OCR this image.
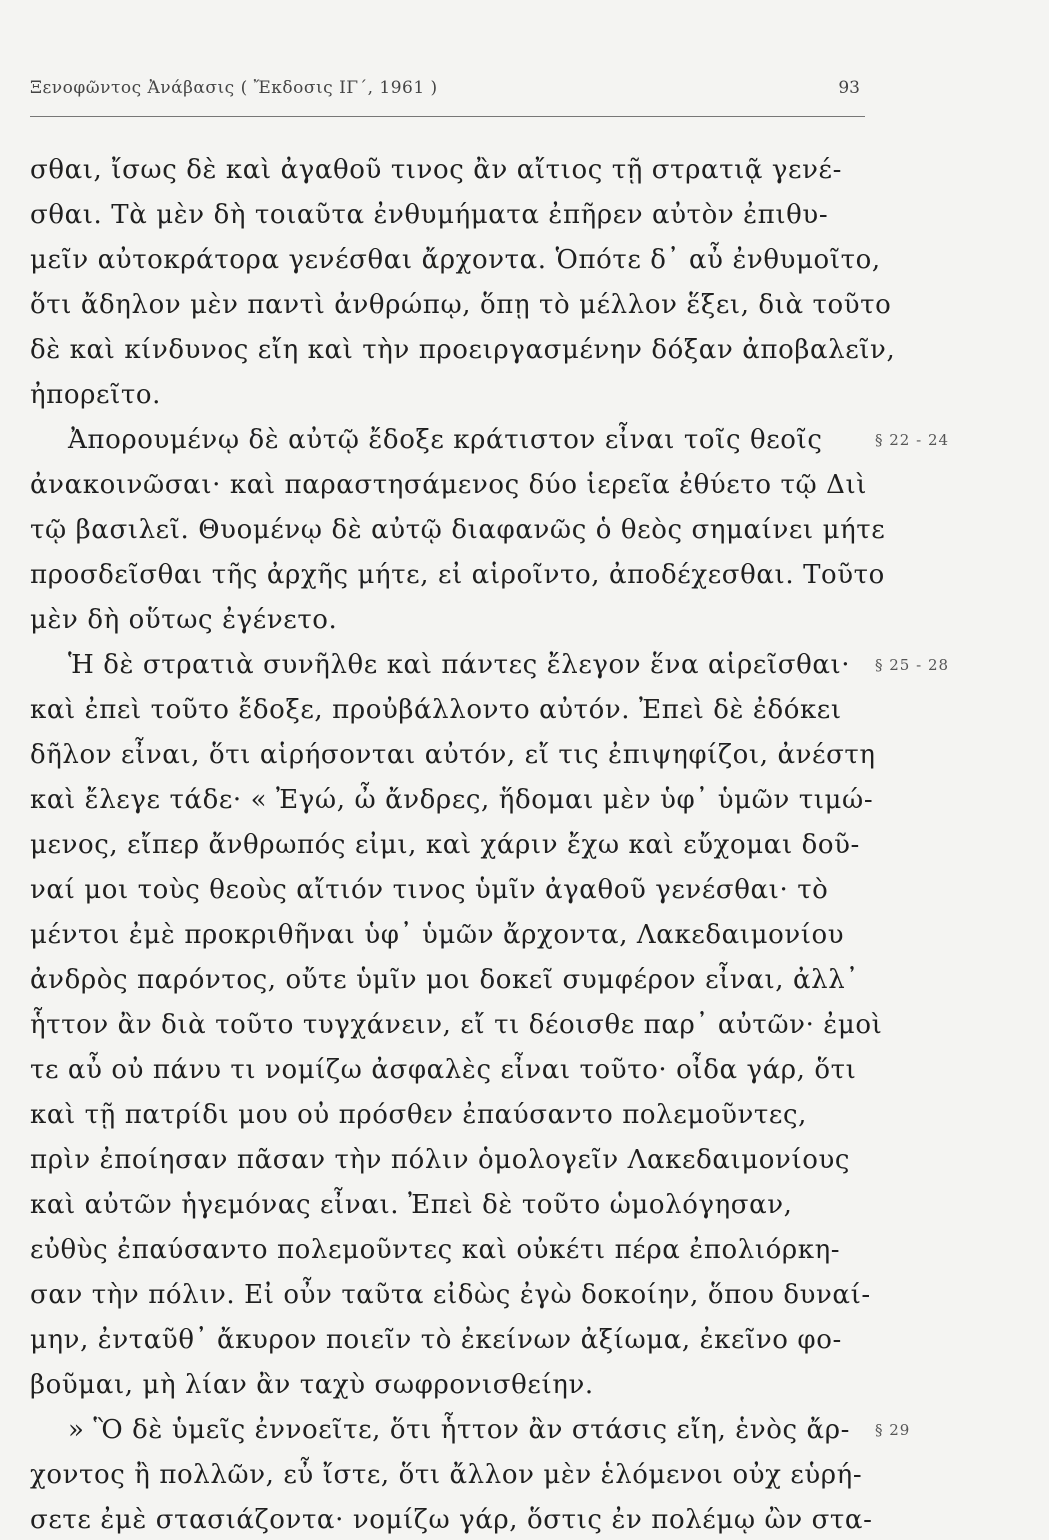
Ξενοφῶντος Ἀνάβασις ( Ἔκδοσις ΙΓ΄, 1961 )	93
σθαι, ἴσως δὲ καὶ ἀγαθοῦ τινος ἂν αἴτιος τῇ στρατιᾷ γενέ-
σθαι. Τὰ μὲν δὴ τοιαῦτα ἐνθυμήματα ἐπῆρεν αὐτὸν ἐπιθυ-
μεῖν αὐτοκράτορα γενέσθαι ἄρχοντα. Ὁπότε δ᾽ αὖ ἐνθυμοῖτο,
ὅτι ἄδηλον μὲν παντὶ ἀνθρώπῳ, ὅπῃ τὸ μέλλον ἕξει, διὰ τοῦτο
δὲ καὶ κίνδυνος εἴη καὶ τὴν προειργασμένην δόξαν ἀποβαλεῖν,
ἠπορεῖτο.
Ἀπορουμένῳ δὲ αὐτῷ ἔδοξε κράτιστον εἶναι τοῖς θεοῖς
ἀνακοινῶσαι· καὶ παραστησάμενος δύο ἱερεῖα ἐθύετο τῷ Διὶ
τῷ βασιλεῖ. Θυομένῳ δὲ αὐτῷ διαφανῶς ὁ θεὸς σημαίνει μήτε
προσδεῖσθαι τῆς ἀρχῆς μήτε, εἰ αἱροῖντο, ἀποδέχεσθαι. Τοῦτο
μὲν δὴ οὕτως ἐγένετο.
Ἡ δὲ στρατιὰ συνῆλθε καὶ πάντες ἔλεγον ἕνα αἱρεῖσθαι·
καὶ ἐπεὶ τοῦτο ἔδοξε, προὐβάλλοντο αὐτόν. Ἐπεὶ δὲ ἐδόκει
δῆλον εἶναι, ὅτι αἱρήσονται αὐτόν, εἴ τις ἐπιψηφίζοι, ἀνέστη
καὶ ἔλεγε τάδε· « Ἐγώ, ὦ ἄνδρες, ἥδομαι μὲν ὑφ᾽ ὑμῶν τιμώ-
μενος, εἴπερ ἄνθρωπός εἰμι, καὶ χάριν ἔχω καὶ εὔχομαι δοῦ-
ναί μοι τοὺς θεοὺς αἴτιόν τινος ὑμῖν ἀγαθοῦ γενέσθαι· τὸ
μέντοι ἐμὲ προκριθῆναι ὑφ᾽ ὑμῶν ἄρχοντα, Λακεδαιμονίου
ἀνδρὸς παρόντος, οὔτε ὑμῖν μοι δοκεῖ συμφέρον εἶναι, ἀλλ᾽
ἧττον ἂν διὰ τοῦτο τυγχάνειν, εἴ τι δέοισθε παρ᾽ αὐτῶν· ἐμοὶ
τε αὖ οὐ πάνυ τι νομίζω ἀσφαλὲς εἶναι τοῦτο· οἶδα γάρ, ὅτι
καὶ τῇ πατρίδι μου οὐ πρόσθεν ἐπαύσαντο πολεμοῦντες,
πρὶν ἐποίησαν πᾶσαν τὴν πόλιν ὁμολογεῖν Λακεδαιμονίους
καὶ αὐτῶν ἡγεμόνας εἶναι. Ἐπεὶ δὲ τοῦτο ὡμολόγησαν,
εὐθὺς ἐπαύσαντο πολεμοῦντες καὶ οὐκέτι πέρα ἐπολιόρκη-
σαν τὴν πόλιν. Εἰ οὖν ταῦτα εἰδὼς ἐγὼ δοκοίην, ὅπου δυναί-
μην, ἐνταῦθ᾽ ἄκυρον ποιεῖν τὸ ἐκείνων ἀξίωμα, ἐκεῖνο φο-
βοῦμαι, μὴ λίαν ἂν ταχὺ σωφρονισθείην.
» Ὃ δὲ ὑμεῖς ἐννοεῖτε, ὅτι ἧττον ἂν στάσις εἴη, ἑνὸς ἄρ-
χοντος ἢ πολλῶν, εὖ ἴστε, ὅτι ἄλλον μὲν ἑλόμενοι οὐχ εὑρή-
σετε ἐμὲ στασιάζοντα· νομίζω γάρ, ὅστις ἐν πολέμῳ ὢν στα-
§ 22 - 24
§ 25 - 28
§ 29
